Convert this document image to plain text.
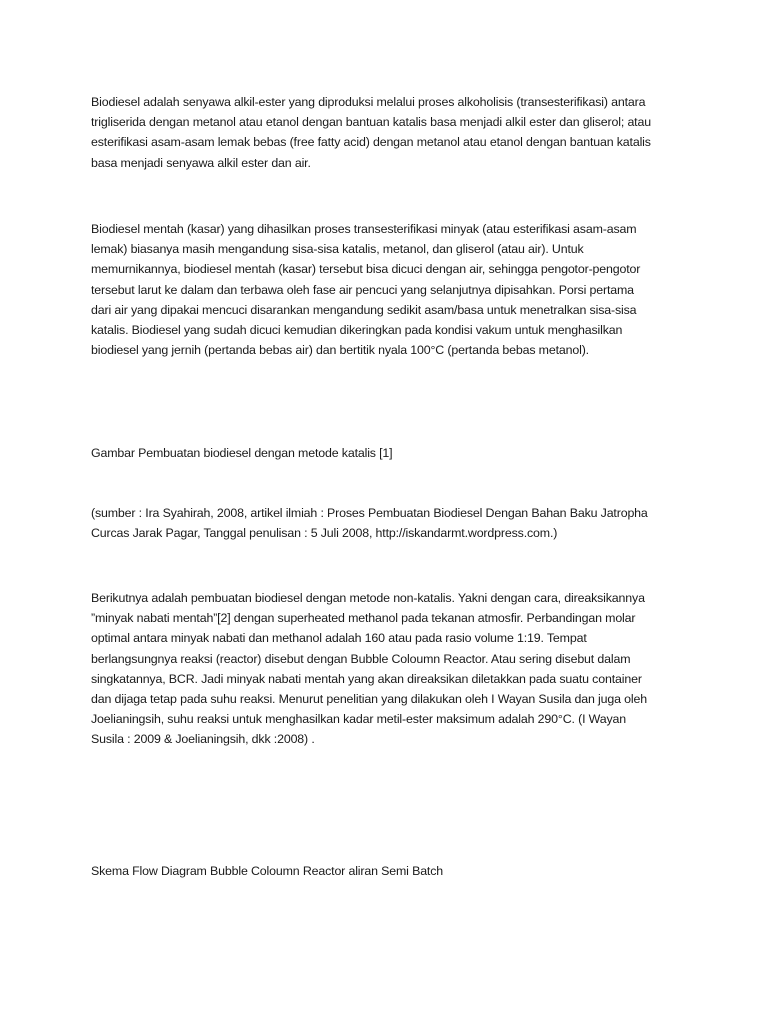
Biodiesel adalah senyawa alkil-ester yang diproduksi melalui proses alkoholisis (transesterifikasi) antara
trigliserida dengan metanol atau etanol dengan bantuan katalis basa menjadi alkil ester dan gliserol; atau
esterifikasi asam-asam lemak bebas (free fatty acid) dengan metanol atau etanol dengan bantuan katalis
basa menjadi senyawa alkil ester dan air.

Biodiesel mentah (kasar) yang dihasilkan proses transesterifikasi minyak (atau esterifikasi asam-asam
lemak) biasanya masih mengandung sisa-sisa katalis, metanol, dan gliserol (atau air). Untuk
memurnikannya, biodiesel mentah (kasar) tersebut bisa dicuci dengan air, sehingga pengotor-pengotor
tersebut larut ke dalam dan terbawa oleh fase air pencuci yang selanjutnya dipisahkan. Porsi pertama
dari air yang dipakai mencuci disarankan mengandung sedikit asam/basa untuk menetralkan sisa-sisa
katalis. Biodiesel yang sudah dicuci kemudian dikeringkan pada kondisi vakum untuk menghasilkan
biodiesel yang jernih (pertanda bebas air) dan bertitik nyala 100°C (pertanda bebas metanol).

Gambar Pembuatan biodiesel dengan metode katalis [1]

(sumber : Ira Syahirah, 2008, artikel ilmiah : Proses Pembuatan Biodiesel Dengan Bahan Baku Jatropha
Curcas Jarak Pagar, Tanggal penulisan : 5 Juli 2008, http://iskandarmt.wordpress.com.)

Berikutnya adalah pembuatan biodiesel dengan metode non-katalis. Yakni dengan cara, direaksikannya
”minyak nabati mentah”[2] dengan superheated methanol pada tekanan atmosfir. Perbandingan molar
optimal antara minyak nabati dan methanol adalah 160 atau pada rasio volume 1:19. Tempat
berlangsungnya reaksi (reactor) disebut dengan Bubble Coloumn Reactor. Atau sering disebut dalam
singkatannya, BCR. Jadi minyak nabati mentah yang akan direaksikan diletakkan pada suatu container
dan dijaga tetap pada suhu reaksi. Menurut penelitian yang dilakukan oleh I Wayan Susila dan juga oleh
Joelianingsih, suhu reaksi untuk menghasilkan kadar metil-ester maksimum adalah 290°C. (I Wayan
Susila : 2009 & Joelianingsih, dkk :2008) .

Skema Flow Diagram Bubble Coloumn Reactor aliran Semi Batch
